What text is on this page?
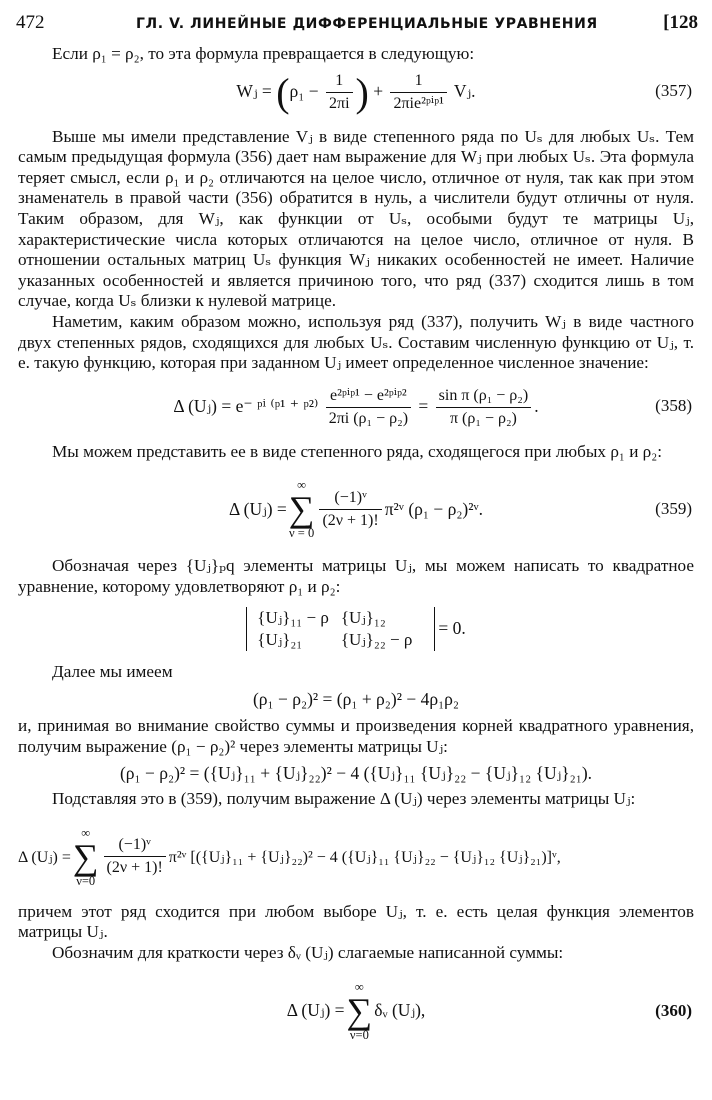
472	ГЛ. V. ЛИНЕЙНЫЕ ДИФФЕРЕНЦИАЛЬНЫЕ УРАВНЕНИЯ	[128

Если ρ₁ = ρ₂, то эта формула превращается в следующую:

Wⱼ = ($\rho_1 - \frac{1}{2\pi i}$ ) + $\frac{1}{\text{2πie²ᵖⁱᵖ¹}}$ Vⱼ.	(357)

Выше мы имели представление Vⱼ в виде степенного ряда по Uₛ для любых Uₛ. Тем самым предыдущая формула (356) дает нам выражение для Wⱼ при любых Uₛ. Эта формула теряет смысл, если ρ₁ и ρ₂ отличаются на целое число, отличное от нуля, так как при этом знаменатель в правой части (356) обратится в нуль, а числители будут отличны от нуля. Таким образом, для Wⱼ, как функции от Uₛ, особыми будут те матрицы Uⱼ, характеристические числа которых отличаются на целое число, отличное от нуля. В отношении остальных матриц Uₛ функция Wⱼ никаких особенностей не имеет. Наличие указанных особенностей и является причиною того, что ряд (337) сходится лишь в том случае, когда Uₛ близки к нулевой матрице.

Наметим, каким образом можно, используя ряд (337), получить Wⱼ в виде частного двух степенных рядов, сходящихся для любых Uₛ. Составим численную функцию от Uⱼ, т. е. такую функцию, которая при заданном Uⱼ имеет определенное численное значение:

Δ (Uⱼ) = e⁻ ᵖⁱ ⁽ᵖ¹ ⁺ ᵖ²⁾ $\frac{\text{e²ᵖⁱᵖ¹ − e²ᵖⁱᵖ²}}{\text{2πi (ρ₁ − ρ₂)}} = \frac{\text{sin π (ρ₁ − ρ₂)}}{\text{π (ρ₁ − ρ₂)}}$ .	(358)

Мы можем представить ее в виде степенного ряда, сходящегося при любых ρ₁ и ρ₂:

Δ (Uⱼ) =
∞
∑
ν = 0
$\frac{\text{(−1)ᵛ}}{(2\nu + 1)!}$ π²ᵛ (ρ₁ − ρ₂)²ᵛ.	(359)

Обозначая через {Uⱼ}ₚq элементы матрицы Uⱼ, мы можем написать то квадратное уравнение, которому удовлетворяют ρ₁ и ρ₂:

{Uⱼ}₁₁ − ρ	{Uⱼ}₁₂
{Uⱼ}₂₁	{Uⱼ}₂₂ − ρ
= 0.

Далее мы имеем

(ρ₁ − ρ₂)² = (ρ₁ + ρ₂)² − 4ρ₁ρ₂

и, принимая во внимание свойство суммы и произведения корней квадратного уравнения, получим выражение (ρ₁ − ρ₂)² через элементы матрицы Uⱼ:

(ρ₁ − ρ₂)² = ({Uⱼ}₁₁ + {Uⱼ}₂₂)² − 4 ({Uⱼ}₁₁ {Uⱼ}₂₂ − {Uⱼ}₁₂ {Uⱼ}₂₁).

Подставляя это в (359), получим выражение Δ (Uⱼ) через элементы матрицы Uⱼ:

Δ (Uⱼ) =
∞
∑
ν=0
$\frac{\text{(−1)ᵛ}}{(2\nu + 1)!}$ π²ᵛ [({Uⱼ}₁₁ + {Uⱼ}₂₂)² − 4 ({Uⱼ}₁₁ {Uⱼ}₂₂ − {Uⱼ}₁₂ {Uⱼ}₂₁)]ᵛ,

причем этот ряд сходится при любом выборе Uⱼ, т. е. есть целая функция элементов матрицы Uⱼ.

Обозначим для краткости через δᵥ (Uⱼ) слагаемые написанной суммы:

Δ (Uⱼ) =
∞
∑
ν=0
δᵥ (Uⱼ),	(360)
